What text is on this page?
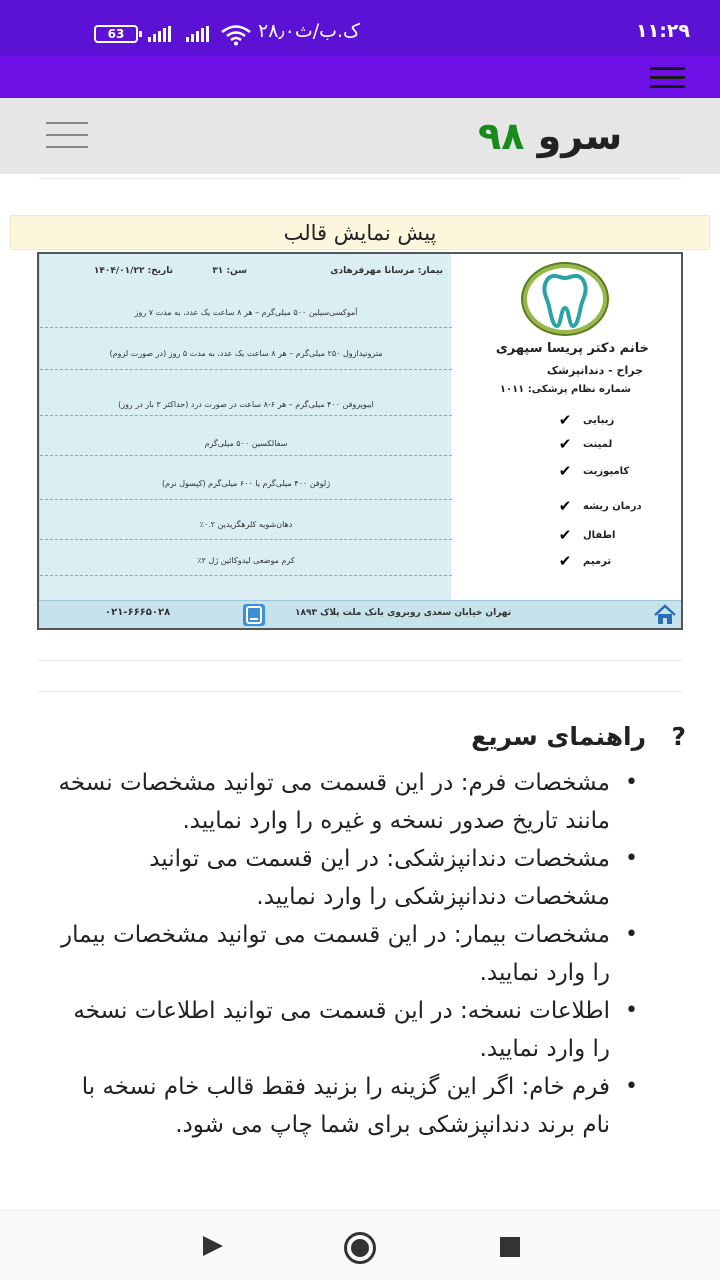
۱۱:۲۹
۲۸٫۰ک.ب/ث
63
سرو ۹۸
پیش نمایش قالب
خانم دکتر پریسا سپهری
جراح - دندانپزشک
شماره نظام پزشکی: ۱۰۱۱
زیبایی
✔
لمینت
✔
کامپوزیت
✔
درمان ریشه
✔
اطفال
✔
ترمیم
✔
بیمار: مرسانا مهرفرهادی
سن: ۳۱
تاریخ: ۱۴۰۴/۰۱/۲۲
آموکسی‌سیلین ۵۰۰ میلی‌گرم – هر ۸ ساعت یک عدد، به مدت ۷ روز
مترونیدازول ۲۵۰ میلی‌گرم – هر ۸ ساعت یک عدد، به مدت ۵ روز (در صورت لزوم)
ایبوپروفن ۴۰۰ میلی‌گرم – هر ۶-۸ ساعت در صورت درد (حداکثر ۳ بار در روز)
سفالکسین ۵۰۰ میلی‌گرم
ژلوفن ۴۰۰ میلی‌گرم یا ۶۰۰ میلی‌گرم (کپسول نرم)
دهان‌شویه کلرهگزیدین ۰.۲٪
کرم موضعی لیدوکائین ژل ۲٪
۰۲۱-۶۶۶۵۰۲۸	تهران خیابان سعدی روبروی بانک ملت پلاک ۱۸۹۳
?
راهنمای سریع
• مشخصات فرم: در این قسمت می توانید مشخصات نسخه مانند تاریخ صدور نسخه و غیره را وارد نمایید.
• مشخصات دندانپزشکی: در این قسمت می توانید مشخصات دندانپزشکی را وارد نمایید.
• مشخصات بیمار: در این قسمت می توانید مشخصات بیمار را وارد نمایید.
• اطلاعات نسخه: در این قسمت می توانید اطلاعات نسخه را وارد نمایید.
• فرم خام: اگر این گزینه را بزنید فقط قالب خام نسخه با نام برند دندانپزشکی برای شما چاپ می شود.
